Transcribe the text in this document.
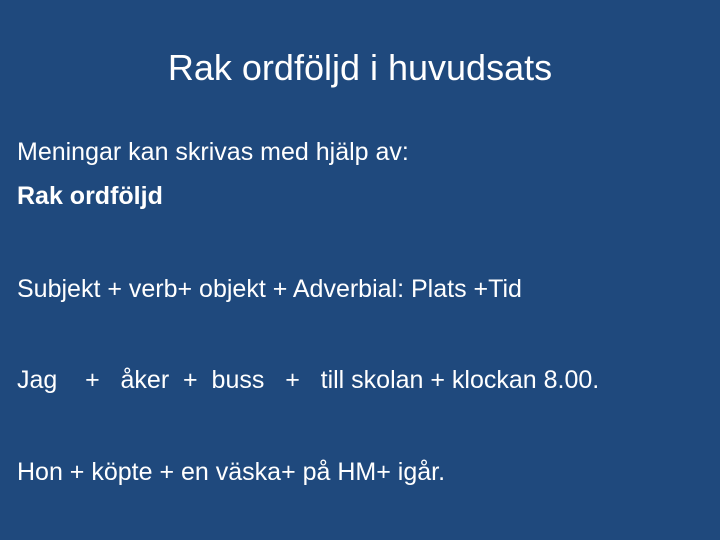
Rak ordföljd i huvudsats
Meningar kan skrivas med hjälp av:
Rak ordföljd
Subjekt + verb+ objekt + Adverbial: Plats +Tid
Jag    +   åker  +  buss   +   till skolan + klockan 8.00.
Hon + köpte + en väska+ på HM+ igår.
